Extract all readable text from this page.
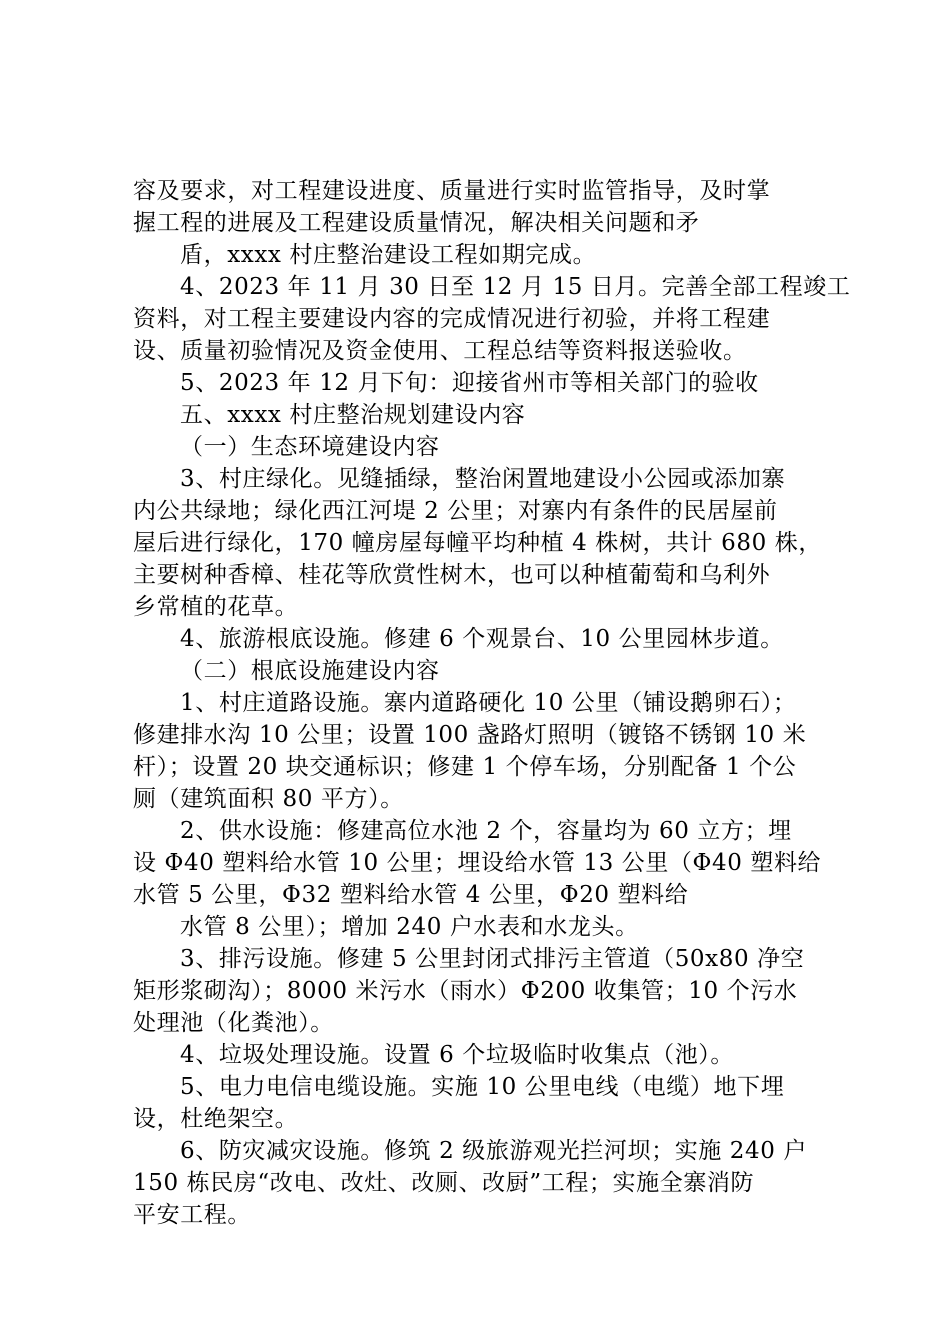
容及要求，对工程建设进度、质量进行实时监管指导，及时掌
握工程的进展及工程建设质量情况，解决相关问题和矛
盾，xxxx 村庄整治建设工程如期完成。
4、2023 年 11 月 30 日至 12 月 15 日月。完善全部工程竣工
资料，对工程主要建设内容的完成情况进行初验，并将工程建
设、质量初验情况及资金使用、工程总结等资料报送验收。
5、2023 年 12 月下旬：迎接省州市等相关部门的验收
五、xxxx 村庄整治规划建设内容
（一）生态环境建设内容
3、村庄绿化。见缝插绿，整治闲置地建设小公园或添加寨
内公共绿地；绿化西江河堤 2 公里；对寨内有条件的民居屋前
屋后进行绿化，170 幢房屋每幢平均种植 4 株树，共计 680 株，
主要树种香樟、桂花等欣赏性树木，也可以种植葡萄和乌利外
乡常植的花草。
4、旅游根底设施。修建 6 个观景台、10 公里园林步道。
（二）根底设施建设内容
1、村庄道路设施。寨内道路硬化 10 公里（铺设鹅卵石）；
修建排水沟 10 公里；设置 100 盏路灯照明（镀铬不锈钢 10 米
杆）；设置 20 块交通标识；修建 1 个停车场，分别配备 1 个公
厕（建筑面积 80 平方）。
2、供水设施：修建高位水池 2 个，容量均为 60 立方；埋
设 Φ40 塑料给水管 10 公里；埋设给水管 13 公里（Φ40 塑料给
水管 5 公里，Φ32 塑料给水管 4 公里，Φ20 塑料给
水管 8 公里）；增加 240 户水表和水龙头。
3、排污设施。修建 5 公里封闭式排污主管道（50x80 净空
矩形浆砌沟）；8000 米污水（雨水）Φ200 收集管；10 个污水
处理池（化粪池）。
4、垃圾处理设施。设置 6 个垃圾临时收集点（池）。
5、电力电信电缆设施。实施 10 公里电线（电缆）地下埋
设，杜绝架空。
6、防灾减灾设施。修筑 2 级旅游观光拦河坝；实施 240 户
150 栋民房“改电、改灶、改厕、改厨”工程；实施全寨消防
平安工程。
